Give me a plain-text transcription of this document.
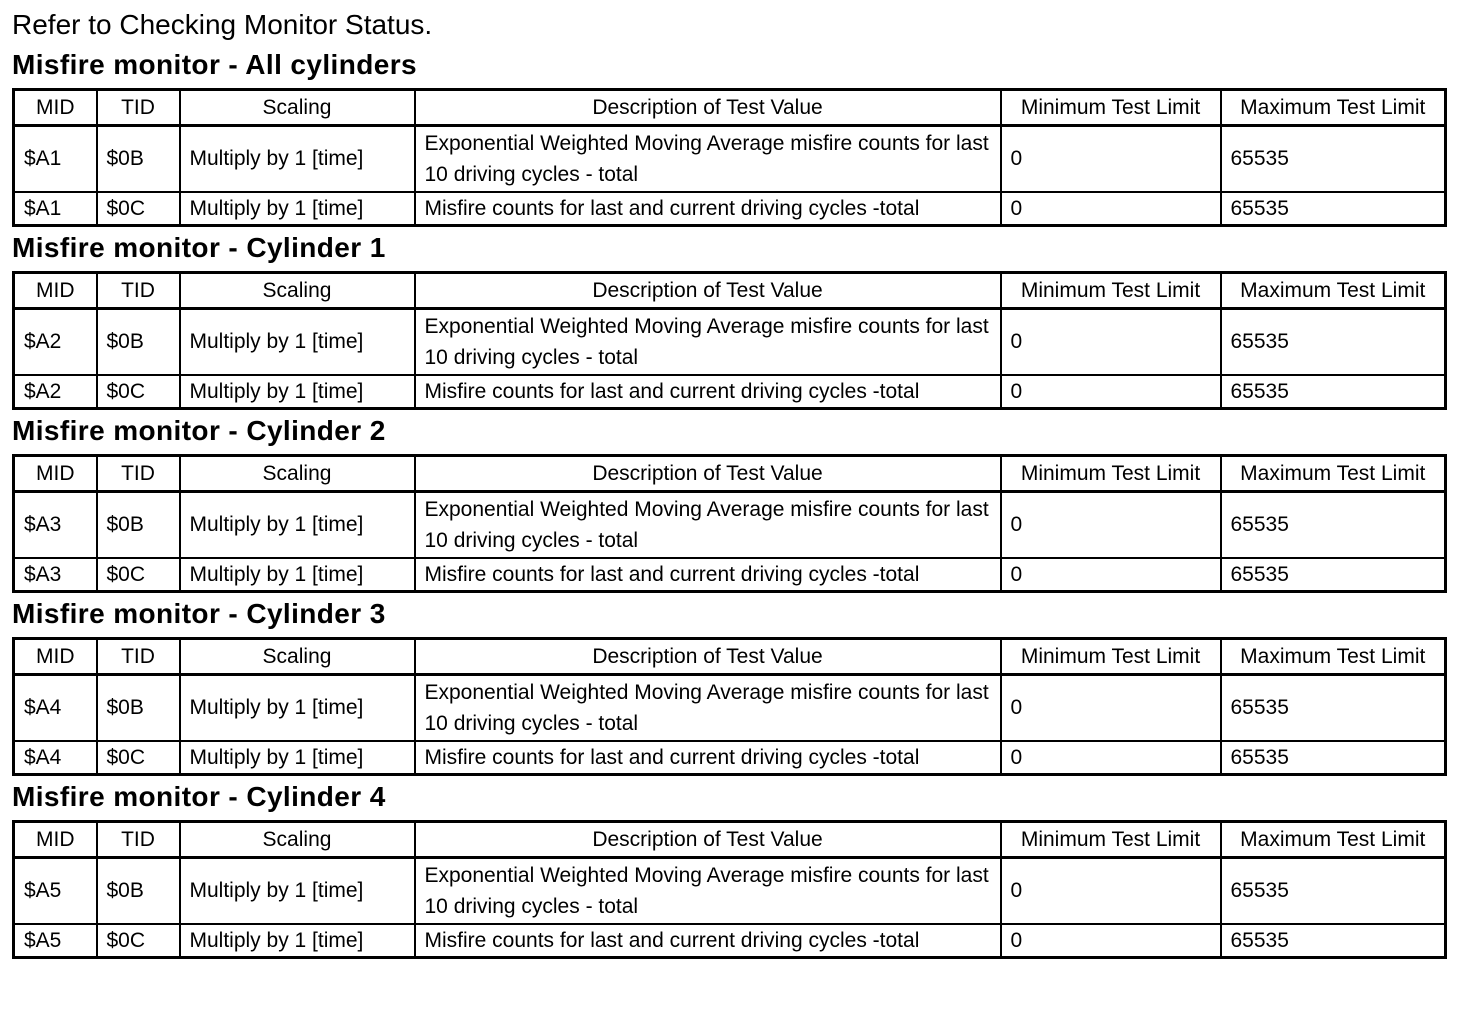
Refer to Checking Monitor Status.

Misfire monitor - All cylinders
MID	TID	Scaling	Description of Test Value	Minimum Test Limit	Maximum Test Limit
$A1	$0B	Multiply by 1 [time]	Exponential Weighted Moving Average misfire counts for last 10 driving cycles - total	0	65535
$A1	$0C	Multiply by 1 [time]	Misfire counts for last and current driving cycles -total	0	65535
Misfire monitor - Cylinder 1
MID	TID	Scaling	Description of Test Value	Minimum Test Limit	Maximum Test Limit
$A2	$0B	Multiply by 1 [time]	Exponential Weighted Moving Average misfire counts for last 10 driving cycles - total	0	65535
$A2	$0C	Multiply by 1 [time]	Misfire counts for last and current driving cycles -total	0	65535
Misfire monitor - Cylinder 2
MID	TID	Scaling	Description of Test Value	Minimum Test Limit	Maximum Test Limit
$A3	$0B	Multiply by 1 [time]	Exponential Weighted Moving Average misfire counts for last 10 driving cycles - total	0	65535
$A3	$0C	Multiply by 1 [time]	Misfire counts for last and current driving cycles -total	0	65535
Misfire monitor - Cylinder 3
MID	TID	Scaling	Description of Test Value	Minimum Test Limit	Maximum Test Limit
$A4	$0B	Multiply by 1 [time]	Exponential Weighted Moving Average misfire counts for last 10 driving cycles - total	0	65535
$A4	$0C	Multiply by 1 [time]	Misfire counts for last and current driving cycles -total	0	65535
Misfire monitor - Cylinder 4
MID	TID	Scaling	Description of Test Value	Minimum Test Limit	Maximum Test Limit
$A5	$0B	Multiply by 1 [time]	Exponential Weighted Moving Average misfire counts for last 10 driving cycles - total	0	65535
$A5	$0C	Multiply by 1 [time]	Misfire counts for last and current driving cycles -total	0	65535
